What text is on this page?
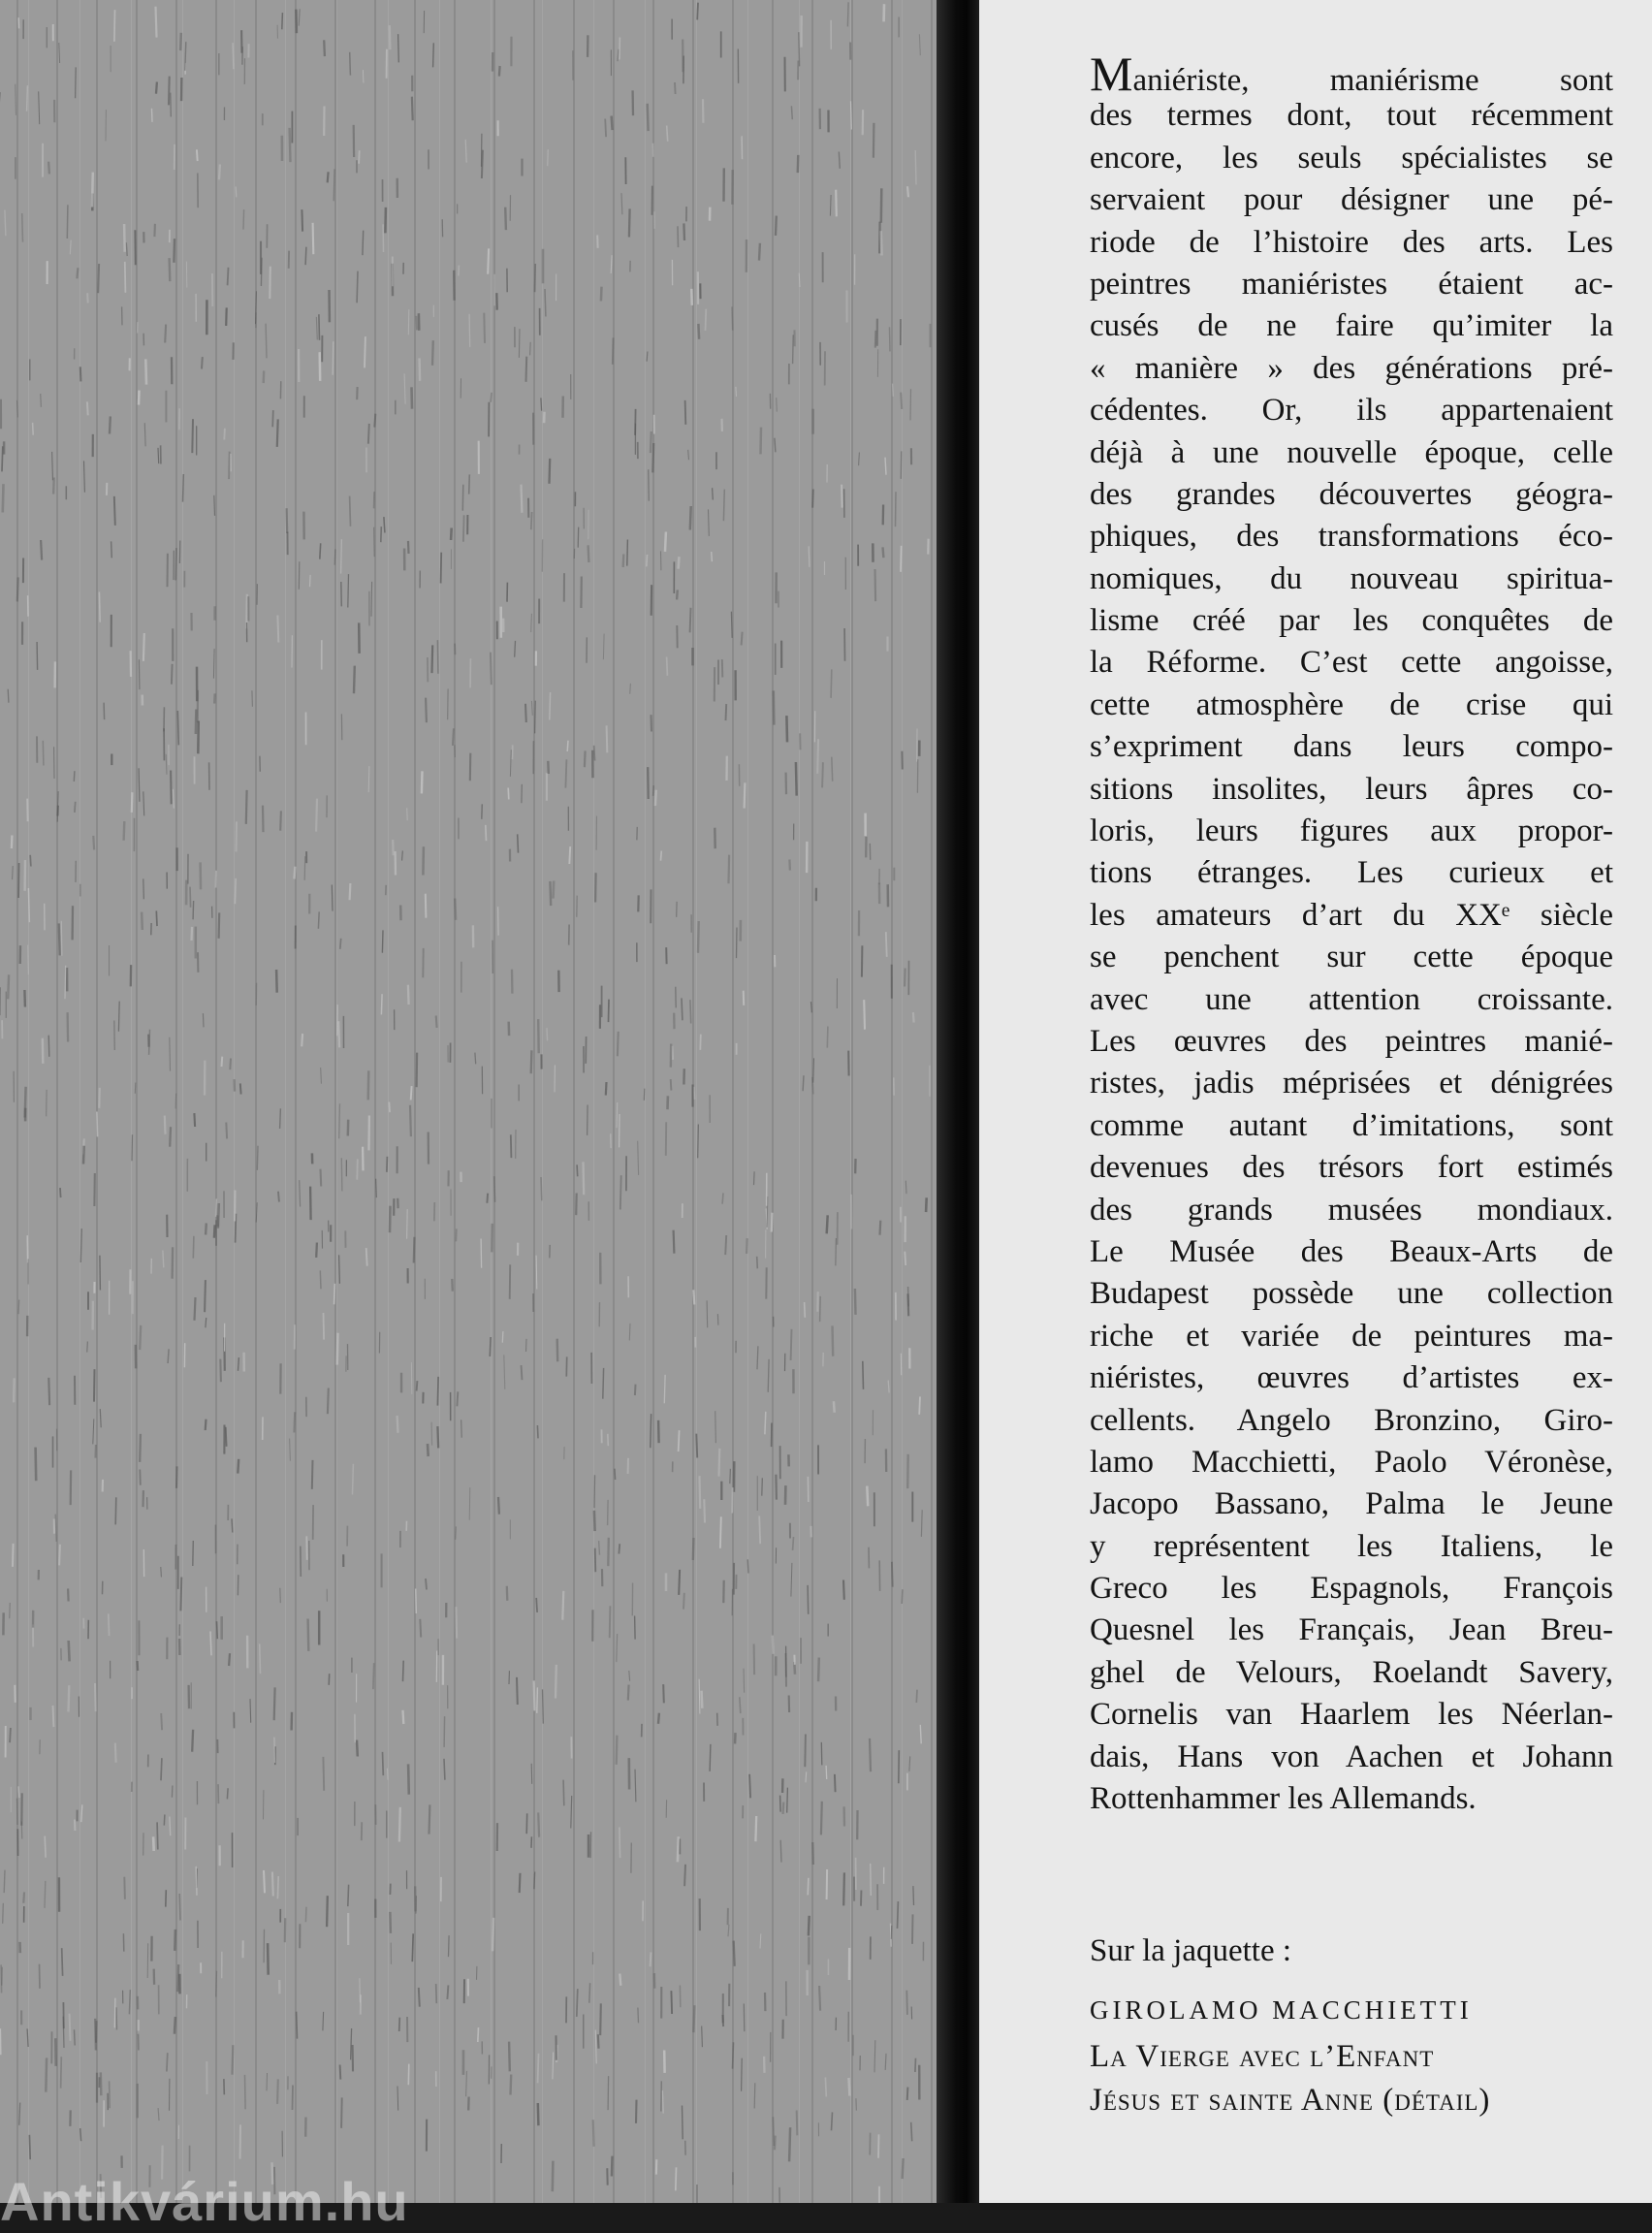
Antikvárium.hu
Maniériste, maniérisme sont
des termes dont, tout récemment
encore, les seuls spécialistes se
servaient pour désigner une pé-
riode de l’histoire des arts. Les
peintres maniéristes étaient ac-
cusés de ne faire qu’imiter la
« manière » des générations pré-
cédentes. Or, ils appartenaient
déjà à une nouvelle époque, celle
des grandes découvertes géogra-
phiques, des transformations éco-
nomiques, du nouveau spiritua-
lisme créé par les conquêtes de
la Réforme. C’est cette angoisse,
cette atmosphère de crise qui
s’expriment dans leurs compo-
sitions insolites, leurs âpres co-
loris, leurs figures aux propor-
tions étranges. Les curieux et
les amateurs d’art du XXᵉ siècle
se penchent sur cette époque
avec une attention croissante.
Les œuvres des peintres manié-
ristes, jadis méprisées et dénigrées
comme autant d’imitations, sont
devenues des trésors fort estimés
des grands musées mondiaux.
Le Musée des Beaux-Arts de
Budapest possède une collection
riche et variée de peintures ma-
niéristes, œuvres d’artistes ex-
cellents. Angelo Bronzino, Giro-
lamo Macchietti, Paolo Véronèse,
Jacopo Bassano, Palma le Jeune
y représentent les Italiens, le
Greco les Espagnols, François
Quesnel les Français, Jean Breu-
ghel de Velours, Roelandt Savery,
Cornelis van Haarlem les Néerlan-
dais, Hans von Aachen et Johann
Rottenhammer les Allemands.
Sur la jaquette :
GIROLAMO MACCHIETTI
La Vierge avec l’Enfant
Jésus et sainte Anne (détail)
